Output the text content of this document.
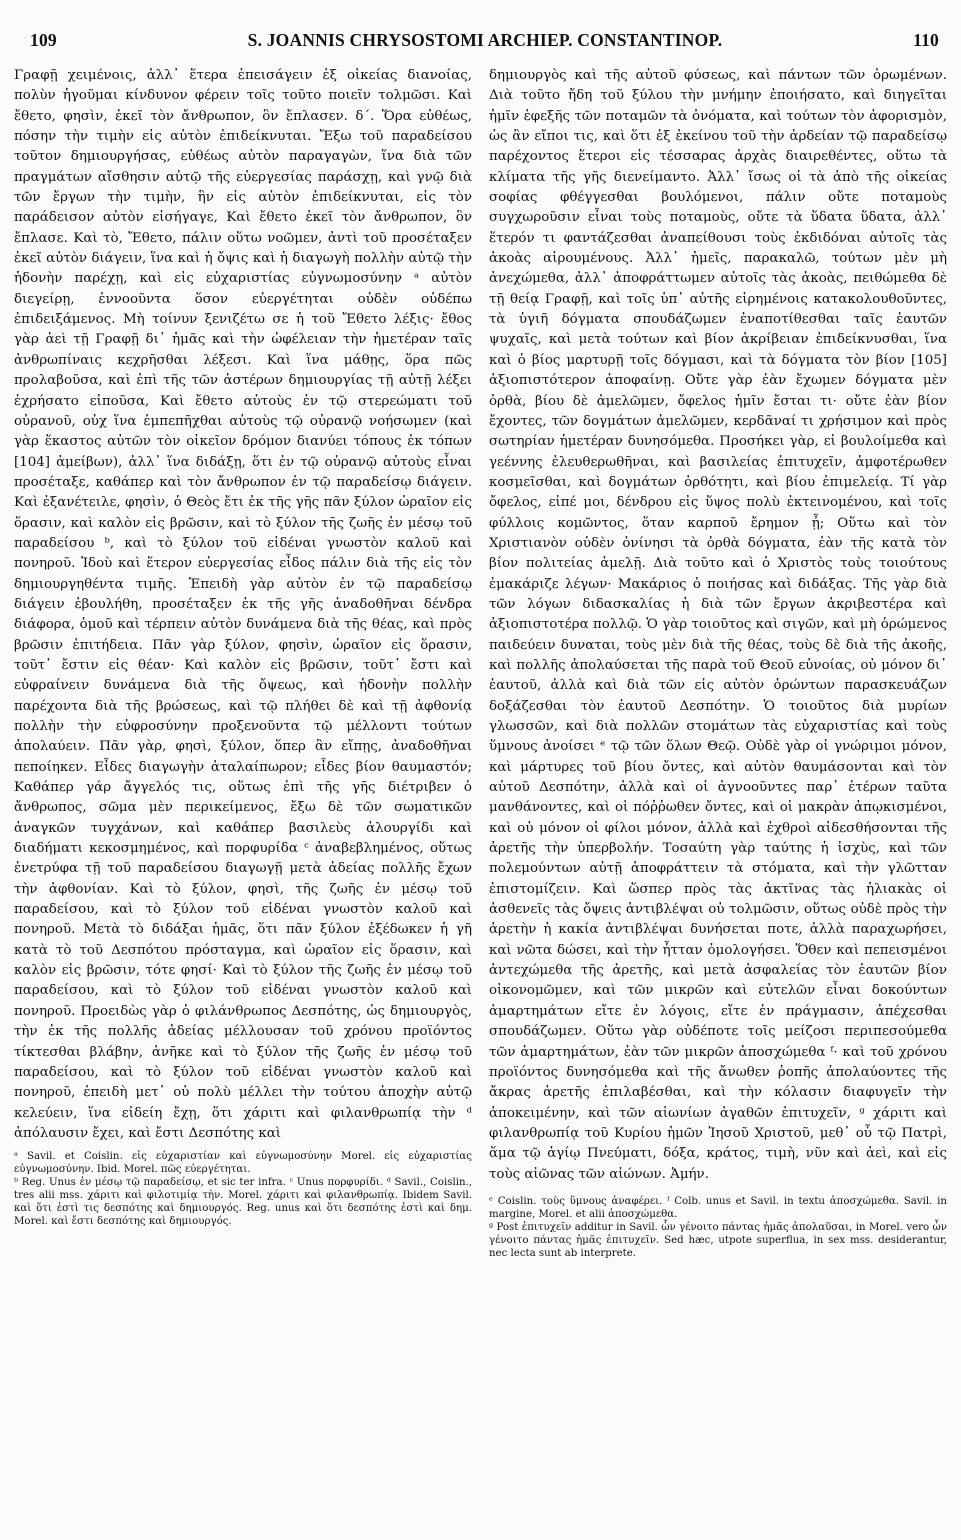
109	S. JOANNIS CHRYSOSTOMI ARCHIEP. CONSTANTINOP.	110

Γραφῇ χειμένοις, ἀλλ᾽ ἕτερα ἐπεισάγειν ἐξ οἰκείας διανοίας, πολὺν ἡγοῦμαι κίνδυνον φέρειν τοῖς τοῦτο ποιεῖν τολμῶσι. Καὶ ἔθετο, φησὶν, ἐκεῖ τὸν ἄνθρωπον, ὃν ἔπλασεν. δ΄. Ὅρα εὐθέως, πόσην τὴν τιμὴν εἰς αὐτὸν ἐπιδείκνυται. Ἔξω τοῦ παραδείσου τοῦτον δημιουργήσας, εὐθέως αὐτὸν παραγαγὼν, ἵνα διὰ τῶν πραγμάτων αἴσθησιν αὐτῷ τῆς εὐεργεσίας παράσχῃ, καὶ γνῷ διὰ τῶν ἔργων τὴν τιμὴν, ἣν εἰς αὐτὸν ἐπιδείκνυται, εἰς τὸν παράδεισον αὐτὸν εἰσήγαγε, Καὶ ἔθετο ἐκεῖ τὸν ἄνθρωπον, ὃν ἔπλασε. Καὶ τὸ, Ἔθετο, πάλιν οὕτω νοῶμεν, ἀντὶ τοῦ προσέταξεν ἐκεῖ αὐτὸν διάγειν, ἵνα καὶ ἡ ὄψις καὶ ἡ διαγωγὴ πολλὴν αὐτῷ τὴν ἡδονὴν παρέχῃ, καὶ εἰς εὐχαριστίας εὐγνωμοσύνην ᵃ αὐτὸν διεγείρῃ, ἐννοοῦντα ὅσον εὐεργέτηται οὐδὲν οὐδέπω ἐπιδειξάμενος. Μὴ τοίνυν ξενιζέτω σε ἡ τοῦ Ἔθετο λέξις· ἔθος γὰρ ἀεὶ τῇ Γραφῇ δι᾽ ἡμᾶς καὶ τὴν ὠφέλειαν τὴν ἡμετέραν ταῖς ἀνθρωπίναις κεχρῆσθαι λέξεσι. Καὶ ἵνα μάθῃς, ὅρα πῶς προλαβοῦσα, καὶ ἐπὶ τῆς τῶν ἀστέρων δημιουργίας τῇ αὐτῇ λέξει ἐχρήσατο εἰποῦσα, Καὶ ἔθετο αὐτοὺς ἐν τῷ στερεώματι τοῦ οὐρανοῦ, οὐχ ἵνα ἐμπεπῆχθαι αὐτοὺς τῷ οὐρανῷ νοήσωμεν (καὶ γὰρ ἕκαστος αὐτῶν τὸν οἰκεῖον δρόμον διανύει τόπους ἐκ τόπων [104] ἀμείβων), ἀλλ᾽ ἵνα διδάξῃ, ὅτι ἐν τῷ οὐρανῷ αὐτοὺς εἶναι προσέταξε, καθάπερ καὶ τὸν ἄνθρωπον ἐν τῷ παραδείσῳ διάγειν. Καὶ ἐξανέτειλε, φησὶν, ὁ Θεὸς ἔτι ἐκ τῆς γῆς πᾶν ξύλον ὡραῖον εἰς ὅρασιν, καὶ καλὸν εἰς βρῶσιν, καὶ τὸ ξύλον τῆς ζωῆς ἐν μέσῳ τοῦ παραδείσου ᵇ, καὶ τὸ ξύλον τοῦ εἰδέναι γνωστὸν καλοῦ καὶ πονηροῦ. Ἰδοὺ καὶ ἕτερον εὐεργεσίας εἶδος πάλιν διὰ τῆς εἰς τὸν δημιουργηθέντα τιμῆς. Ἐπειδὴ γὰρ αὐτὸν ἐν τῷ παραδείσῳ διάγειν ἐβουλήθη, προσέταξεν ἐκ τῆς γῆς ἀναδοθῆναι δένδρα διάφορα, ὁμοῦ καὶ τέρπειν αὐτὸν δυνάμενα διὰ τῆς θέας, καὶ πρὸς βρῶσιν ἐπιτήδεια. Πᾶν γὰρ ξύλον, φησὶν, ὡραῖον εἰς ὅρασιν, τοῦτ᾽ ἔστιν εἰς θέαν· Καὶ καλὸν εἰς βρῶσιν, τοῦτ᾽ ἔστι καὶ εὐφραίνειν δυνάμενα διὰ τῆς ὄψεως, καὶ ἡδονὴν πολλὴν παρέχοντα διὰ τῆς βρώσεως, καὶ τῷ πλήθει δὲ καὶ τῇ ἀφθονίᾳ πολλὴν τὴν εὐφροσύνην προξενοῦντα τῷ μέλλοντι τούτων ἀπολαύειν. Πᾶν γὰρ, φησὶ, ξύλον, ὅπερ ἂν εἴπῃς, ἀναδοθῆναι πεποίηκεν. Εἶδες διαγωγὴν ἀταλαίπωρον; εἶδες βίον θαυμαστόν; Καθάπερ γάρ ἄγγελός τις, οὕτως ἐπὶ τῆς γῆς διέτριβεν ὁ ἄνθρωπος, σῶμα μὲν περικείμενος, ἔξω δὲ τῶν σωματικῶν ἀναγκῶν τυγχάνων, καὶ καθάπερ βασιλεὺς ἁλουργίδι καὶ διαδήματι κεκοσμημένος, καὶ πορφυρίδα ᶜ ἀναβεβλημένος, οὕτως ἐνετρύφα τῇ τοῦ παραδείσου διαγωγῇ μετὰ ἀδείας πολλῆς ἔχων τὴν ἀφθονίαν. Καὶ τὸ ξύλον, φησὶ, τῆς ζωῆς ἐν μέσῳ τοῦ παραδείσου, καὶ τὸ ξύλον τοῦ εἰδέναι γνωστὸν καλοῦ καὶ πονηροῦ. Μετὰ τὸ διδάξαι ἡμᾶς, ὅτι πᾶν ξύλον ἐξέδωκεν ἡ γῆ κατὰ τὸ τοῦ Δεσπότου πρόσταγμα, καὶ ὡραῖον εἰς ὅρασιν, καὶ καλὸν εἰς βρῶσιν, τότε φησί· Καὶ τὸ ξύλον τῆς ζωῆς ἐν μέσῳ τοῦ παραδείσου, καὶ τὸ ξύλον τοῦ εἰδέναι γνωστὸν καλοῦ καὶ πονηροῦ. Προειδὼς γὰρ ὁ φιλάνθρωπος Δεσπότης, ὡς δημιουργὸς, τὴν ἐκ τῆς πολλῆς ἀδείας μέλλουσαν τοῦ χρόνου προϊόντος τίκτεσθαι βλάβην, ἀνῆκε καὶ τὸ ξύλον τῆς ζωῆς ἐν μέσῳ τοῦ παραδείσου, καὶ τὸ ξύλον τοῦ εἰδέναι γνωστὸν καλοῦ καὶ πονηροῦ, ἐπειδὴ μετ᾽ οὐ πολὺ μέλλει τὴν τούτου ἀποχὴν αὐτῷ κελεύειν, ἵνα εἰδείη ἔχῃ, ὅτι χάριτι καὶ φιλανθρωπίᾳ τὴν ᵈ ἀπόλαυσιν ἔχει, καὶ ἔστι Δεσπότης καὶ

ᵃ Savil. et Coislin. εἰς εὐχαριστίαν καὶ εὐγνωμοσύνην Morel. εἰς εὐχαριστίας εὐγνωμοσύνην. Ibid. Morel. πῶς εὐεργέτηται.

ᵇ Reg. Unus ἐν μέσῳ τῷ παραδείσῳ, et sic ter infra. ᶜ Unus πορφυρίδι. ᵈ Savil., Coislin., tres alii mss. χάριτι καὶ φιλοτιμίᾳ τὴν. Morel. χάριτι καὶ φιλανθρωπίᾳ. Ibidem Savil. καὶ ὅτι ἐστὶ τις δεσπότης καὶ δημιουργός. Reg. unus καὶ ὅτι δεσπότης ἐστὶ καὶ δημ. Morel. καὶ ἔστι δεσπότης καὶ δημιουργός.

δημιουργὸς καὶ τῆς αὐτοῦ φύσεως, καὶ πάντων τῶν ὁρωμένων. Διὰ τοῦτο ἤδη τοῦ ξύλου τὴν μνήμην ἐποιήσατο, καὶ διηγεῖται ἡμῖν ἐφεξῆς τῶν ποταμῶν τὰ ὀνόματα, καὶ τούτων τὸν ἀφορισμὸν, ὡς ἂν εἴποι τις, καὶ ὅτι ἐξ ἐκείνου τοῦ τὴν ἀρδείαν τῷ παραδείσῳ παρέχοντος ἕτεροι εἰς τέσσαρας ἀρχὰς διαιρεθέντες, οὕτω τὰ κλίματα τῆς γῆς διενείμαντο. Ἀλλ᾽ ἴσως οἱ τὰ ἀπὸ τῆς οἰκείας σοφίας φθέγγεσθαι βουλόμενοι, πάλιν οὔτε ποταμοὺς συγχωροῦσιν εἶναι τοὺς ποταμοὺς, οὔτε τὰ ὕδατα ὕδατα, ἀλλ᾽ ἕτερόν τι φαντάζεσθαι ἀναπείθουσι τοὺς ἐκδιδόναι αὐτοῖς τὰς ἀκοὰς αἱρουμένους. Ἀλλ᾽ ἡμεῖς, παρακαλῶ, τούτων μὲν μὴ ἀνεχώμεθα, ἀλλ᾽ ἀποφράττωμεν αὐτοῖς τὰς ἀκοὰς, πειθώμεθα δὲ τῇ θείᾳ Γραφῇ, καὶ τοῖς ὑπ᾽ αὐτῆς εἰρημένοις κατακολουθοῦντες, τὰ ὑγιῆ δόγματα σπουδάζωμεν ἐναποτίθεσθαι ταῖς ἑαυτῶν ψυχαῖς, καὶ μετὰ τούτων καὶ βίον ἀκρίβειαν ἐπιδείκνυσθαι, ἵνα καὶ ὁ βίος μαρτυρῇ τοῖς δόγμασι, καὶ τὰ δόγματα τὸν βίον [105] ἀξιοπιστότερον ἀποφαίνῃ. Οὔτε γὰρ ἐὰν ἔχωμεν δόγματα μὲν ὀρθὰ, βίου δὲ ἀμελῶμεν, ὄφελος ἡμῖν ἔσται τι· οὔτε ἐὰν βίον ἔχοντες, τῶν δογμάτων ἀμελῶμεν, κερδᾶναί τι χρήσιμον καὶ πρὸς σωτηρίαν ἡμετέραν δυνησόμεθα. Προσήκει γὰρ, εἰ βουλοίμεθα καὶ γεέννης ἐλευθερωθῆναι, καὶ βασιλείας ἐπιτυχεῖν, ἀμφοτέρωθεν κοσμεῖσθαι, καὶ δογμάτων ὀρθότητι, καὶ βίου ἐπιμελείᾳ. Τί γὰρ ὄφελος, εἰπέ μοι, δένδρου εἰς ὕψος πολὺ ἐκτεινομένου, καὶ τοῖς φύλλοις κομῶντος, ὅταν καρποῦ ἔρημον ᾖ; Οὕτω καὶ τὸν Χριστιανὸν οὐδὲν ὀνίνησι τὰ ὀρθὰ δόγματα, ἐὰν τῆς κατὰ τὸν βίον πολιτείας ἀμελῇ. Διὰ τοῦτο καὶ ὁ Χριστὸς τοὺς τοιούτους ἐμακάριζε λέγων· Μακάριος ὁ ποιήσας καὶ διδάξας. Τῆς γὰρ διὰ τῶν λόγων διδασκαλίας ἡ διὰ τῶν ἔργων ἀκριβεστέρα καὶ ἀξιοπιστοτέρα πολλῷ. Ὁ γὰρ τοιοῦτος καὶ σιγῶν, καὶ μὴ ὁρώμενος παιδεύειν δυναται, τοὺς μὲν διὰ τῆς θέας, τοὺς δὲ διὰ τῆς ἀκοῆς, καὶ πολλῆς ἀπολαύσεται τῆς παρὰ τοῦ Θεοῦ εὐνοίας, οὐ μόνον δι᾽ ἑαυτοῦ, ἀλλὰ καὶ διὰ τῶν εἰς αὐτὸν ὁρώντων παρασκευάζων δοξάζεσθαι τὸν ἑαυτοῦ Δεσπότην. Ὁ τοιοῦτος διὰ μυρίων γλωσσῶν, καὶ διὰ πολλῶν στομάτων τὰς εὐχαριστίας καὶ τοὺς ὕμνους ἀνοίσει ᵉ τῷ τῶν ὅλων Θεῷ. Οὐδὲ γὰρ οἱ γνώριμοι μόνον, καὶ μάρτυρες τοῦ βίου ὄντες, καὶ αὐτὸν θαυμάσονται καὶ τὸν αὐτοῦ Δεσπότην, ἀλλὰ καὶ οἱ ἀγνοοῦντες παρ᾽ ἑτέρων ταῦτα μανθάνοντες, καὶ οἱ πόῤῥωθεν ὄντες, καὶ οἱ μακρὰν ἀπῳκισμένοι, καὶ οὐ μόνον οἱ φίλοι μόνον, ἀλλὰ καὶ ἐχθροὶ αἰδεσθήσονται τῆς ἀρετῆς τὴν ὑπερβολήν. Τοσαύτη γὰρ ταύτης ἡ ἰσχὺς, καὶ τῶν πολεμούντων αὐτῇ ἀποφράττειν τὰ στόματα, καὶ τὴν γλῶτταν ἐπιστομίζειν. Καὶ ὥσπερ πρὸς τὰς ἀκτῖνας τὰς ἡλιακὰς οἱ ἀσθενεῖς τὰς ὄψεις ἀντιβλέψαι οὐ τολμῶσιν, οὕτως οὐδὲ πρὸς τὴν ἀρετὴν ἡ κακία ἀντιβλέψαι δυνήσεται ποτε, ἀλλὰ παραχωρήσει, καὶ νῶτα δώσει, καὶ τὴν ἧτταν ὁμολογήσει. Ὅθεν καὶ πεπεισμένοι ἀντεχώμεθα τῆς ἀρετῆς, καὶ μετὰ ἀσφαλείας τὸν ἑαυτῶν βίον οἰκονομῶμεν, καὶ τῶν μικρῶν καὶ εὐτελῶν εἶναι δοκούντων ἁμαρτημάτων εἴτε ἐν λόγοις, εἴτε ἐν πράγμασιν, ἀπέχεσθαι σπουδάζωμεν. Οὕτω γὰρ οὐδέποτε τοῖς μείζοσι περιπεσούμεθα τῶν ἁμαρτημάτων, ἐὰν τῶν μικρῶν ἀποσχώμεθα ᶠ· καὶ τοῦ χρόνου προϊόντος δυνησόμεθα καὶ τῆς ἄνωθεν ῥοπῆς ἀπολαύοντες τῆς ἄκρας ἀρετῆς ἐπιλαβέσθαι, καὶ τὴν κόλασιν διαφυγεῖν τὴν ἀποκειμένην, καὶ τῶν αἰωνίων ἀγαθῶν ἐπιτυχεῖν, ᵍ χάριτι καὶ φιλανθρωπίᾳ τοῦ Κυρίου ἡμῶν Ἰησοῦ Χριστοῦ, μεθ᾽ οὗ τῷ Πατρὶ, ἅμα τῷ ἁγίῳ Πνεύματι, δόξα, κράτος, τιμὴ, νῦν καὶ ἀεὶ, καὶ εἰς τοὺς αἰῶνας τῶν αἰώνων. Ἀμήν.

ᵉ Coislin. τοὺς ὕμνους ἀναφέρει. ᶠ Colb. unus et Savil. in textu ἀποσχώμεθα. Savil. in margine, Morel. et alii ἀποσχώμεθα.

ᵍ Post ἐπιτυχεῖν additur in Savil. ὧν γένοιτο πάντας ἡμᾶς ἀπολαῦσαι, in Morel. vero ὧν γένοιτο πάντας ἡμᾶς ἐπιτυχεῖν. Sed hæc, utpote superflua, in sex mss. desiderantur, nec lecta sunt ab interprete.
